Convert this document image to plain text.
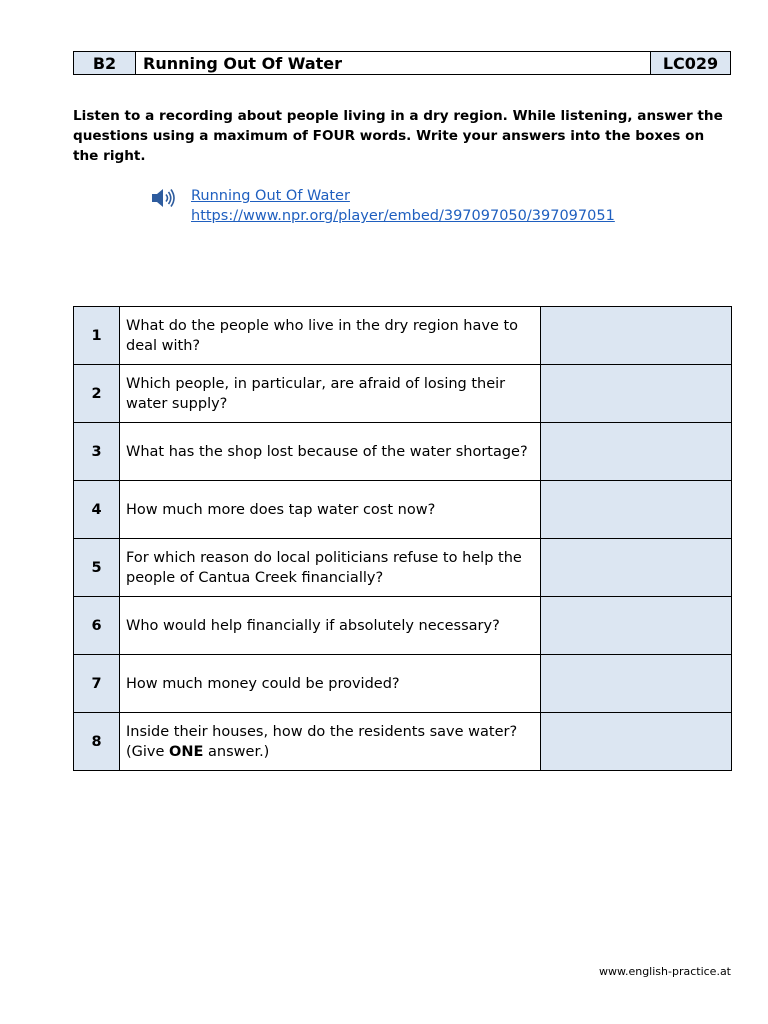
B2	Running Out Of Water	LC029
Listen to a recording about people living in a dry region. While listening, answer the questions using a maximum of FOUR words. Write your answers into the boxes on the right.
Running Out Of Water
https://www.npr.org/player/embed/397097050/397097051
1	What do the people who live in the dry region have to deal with?	
2	Which people, in particular, are afraid of losing their water supply?	
3	What has the shop lost because of the water shortage?	
4	How much more does tap water cost now?	
5	For which reason do local politicians refuse to help the people of Cantua Creek financially?	
6	Who would help financially if absolutely necessary?	
7	How much money could be provided?	
8	Inside their houses, how do the residents save water? (Give ONE answer.)	
www.english-practice.at
